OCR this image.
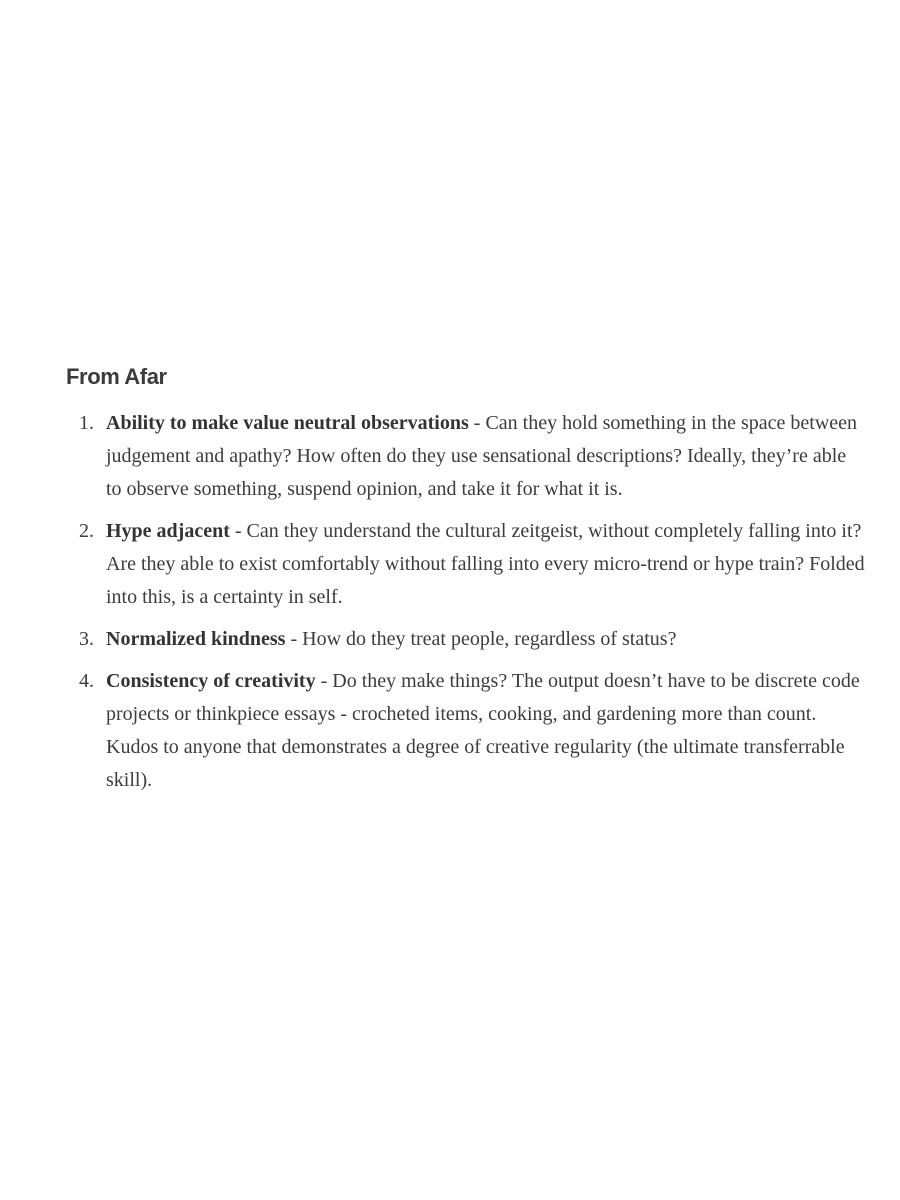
From Afar
1. Ability to make value neutral observations - Can they hold something in the space between judgement and apathy? How often do they use sensational descriptions? Ideally, they’re able to observe something, suspend opinion, and take it for what it is.
2. Hype adjacent - Can they understand the cultural zeitgeist, without completely falling into it? Are they able to exist comfortably without falling into every micro-trend or hype train? Folded into this, is a certainty in self.
3. Normalized kindness - How do they treat people, regardless of status?
4. Consistency of creativity - Do they make things? The output doesn’t have to be discrete code projects or thinkpiece essays - crocheted items, cooking, and gardening more than count. Kudos to anyone that demonstrates a degree of creative regularity (the ultimate transferrable skill).
